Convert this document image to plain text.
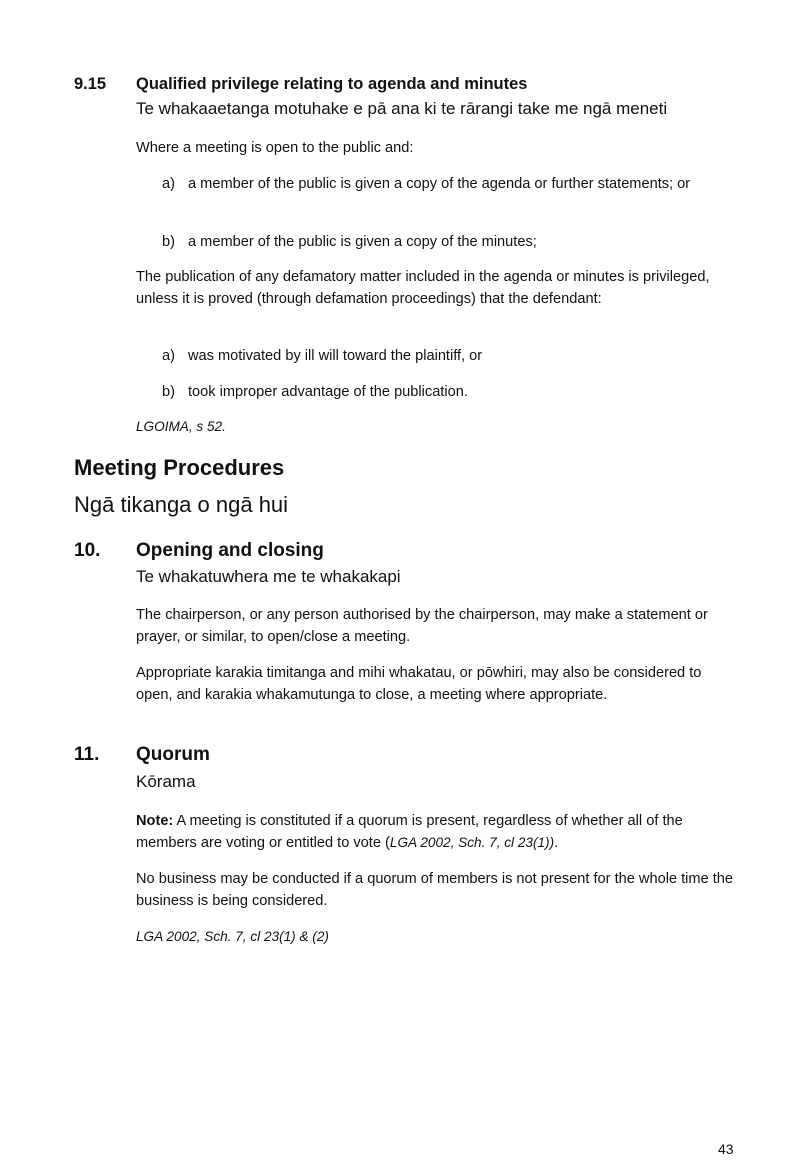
9.15 Qualified privilege relating to agenda and minutes
Te whakaaetanga motuhake e pā ana ki te rārangi take me ngā meneti
Where a meeting is open to the public and:
a) a member of the public is given a copy of the agenda or further statements; or
b) a member of the public is given a copy of the minutes;
The publication of any defamatory matter included in the agenda or minutes is privileged, unless it is proved (through defamation proceedings) that the defendant:
a) was motivated by ill will toward the plaintiff, or
b) took improper advantage of the publication.
LGOIMA, s 52.
Meeting Procedures
Ngā tikanga o ngā hui
10. Opening and closing
Te whakatuwhera me te whakakapi
The chairperson, or any person authorised by the chairperson, may make a statement or prayer, or similar, to open/close a meeting.
Appropriate karakia timitanga and mihi whakatau, or pōwhiri, may also be considered to open, and karakia whakamutunga to close, a meeting where appropriate.
11. Quorum
Kōrama
Note: A meeting is constituted if a quorum is present, regardless of whether all of the members are voting or entitled to vote (LGA 2002, Sch. 7, cl 23(1)).
No business may be conducted if a quorum of members is not present for the whole time the business is being considered.
LGA 2002, Sch. 7, cl 23(1) & (2)
43
